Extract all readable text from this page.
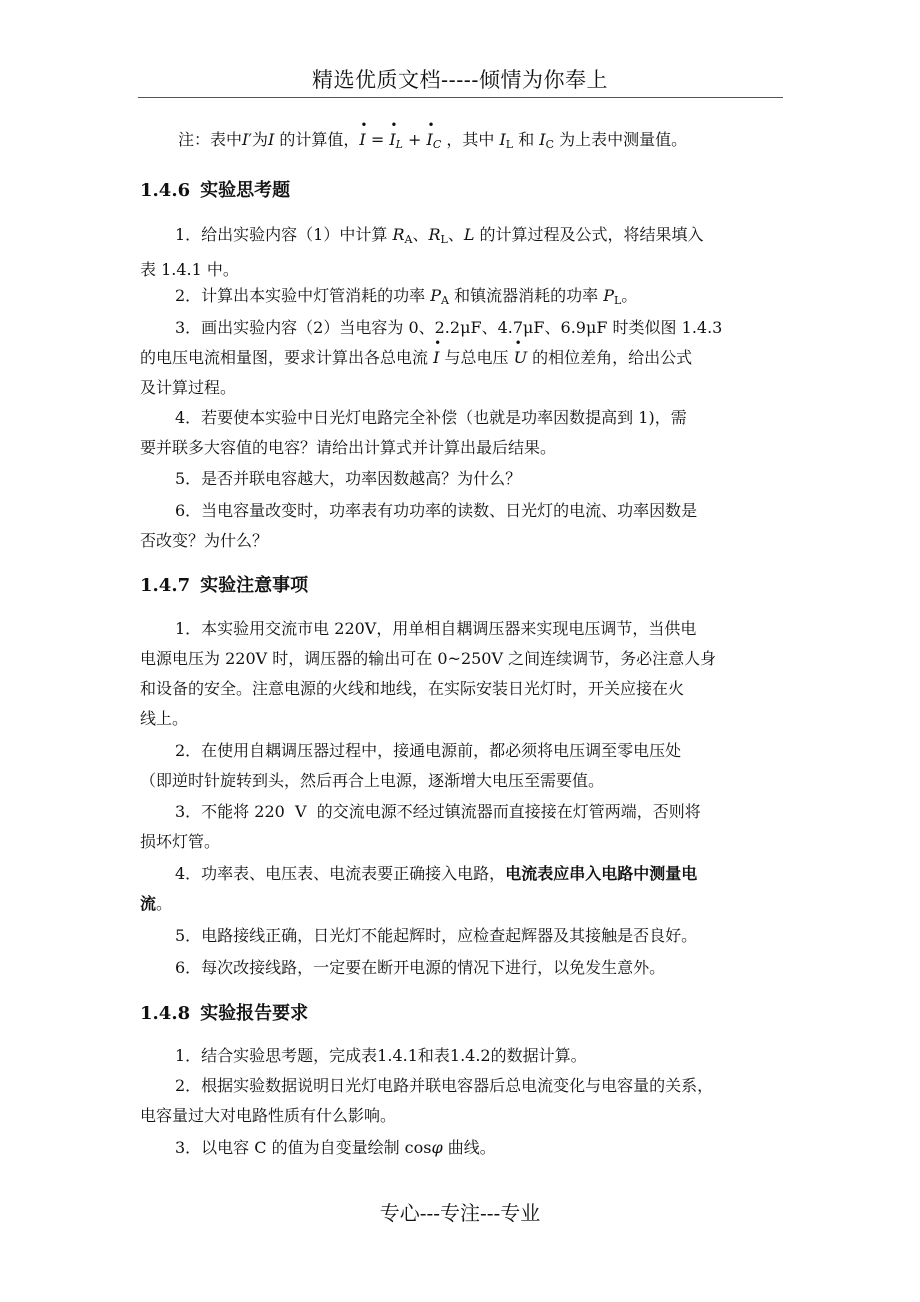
精选优质文档-----倾情为你奉上
注：表中I′为I 的计算值，• I = • $I_L$ + • $I_C$ ，其中 $I_L$ 和 $I_C$ 为上表中测量值。
1.4.6 实验思考题
1．给出实验内容（1）中计算 $R_A$、$R_L$、L 的计算过程及公式，将结果填入
表 1.4.1 中。
2．计算出本实验中灯管消耗的功率 $P_A$ 和镇流器消耗的功率 $P_L$。
3．画出实验内容（2）当电容为 0、2.2μF、4.7μF、6.9μF 时类似图 1.4.3
的电压电流相量图，要求计算出各总电流 • I 与总电压 • U 的相位差角，给出公式
及计算过程。
4．若要使本实验中日光灯电路完全补偿（也就是功率因数提高到 1)，需
要并联多大容值的电容？请给出计算式并计算出最后结果。
5．是否并联电容越大，功率因数越高？为什么？
6．当电容量改变时，功率表有功功率的读数、日光灯的电流、功率因数是
否改变？为什么？
1.4.7 实验注意事项
1．本实验用交流市电 220V，用单相自耦调压器来实现电压调节，当供电
电源电压为 220V 时，调压器的输出可在 0~250V 之间连续调节，务必注意人身
和设备的安全。注意电源的火线和地线，在实际安装日光灯时，开关应接在火
线上。
2．在使用自耦调压器过程中，接通电源前，都必须将电压调至零电压处
（即逆时针旋转到头，然后再合上电源，逐渐增大电压至需要值。
3．不能将 220  V  的交流电源不经过镇流器而直接接在灯管两端，否则将
损坏灯管。
4．功率表、电压表、电流表要正确接入电路，电流表应串入电路中测量电
流。
5．电路接线正确，日光灯不能起辉时，应检查起辉器及其接触是否良好。
6．每次改接线路，一定要在断开电源的情况下进行，以免发生意外。
1.4.8 实验报告要求
1．结合实验思考题，完成表1.4.1和表1.4.2的数据计算。
2．根据实验数据说明日光灯电路并联电容器后总电流变化与电容量的关系，
电容量过大对电路性质有什么影响。
3．以电容 C 的值为自变量绘制 cosφ 曲线。
专心---专注---专业
